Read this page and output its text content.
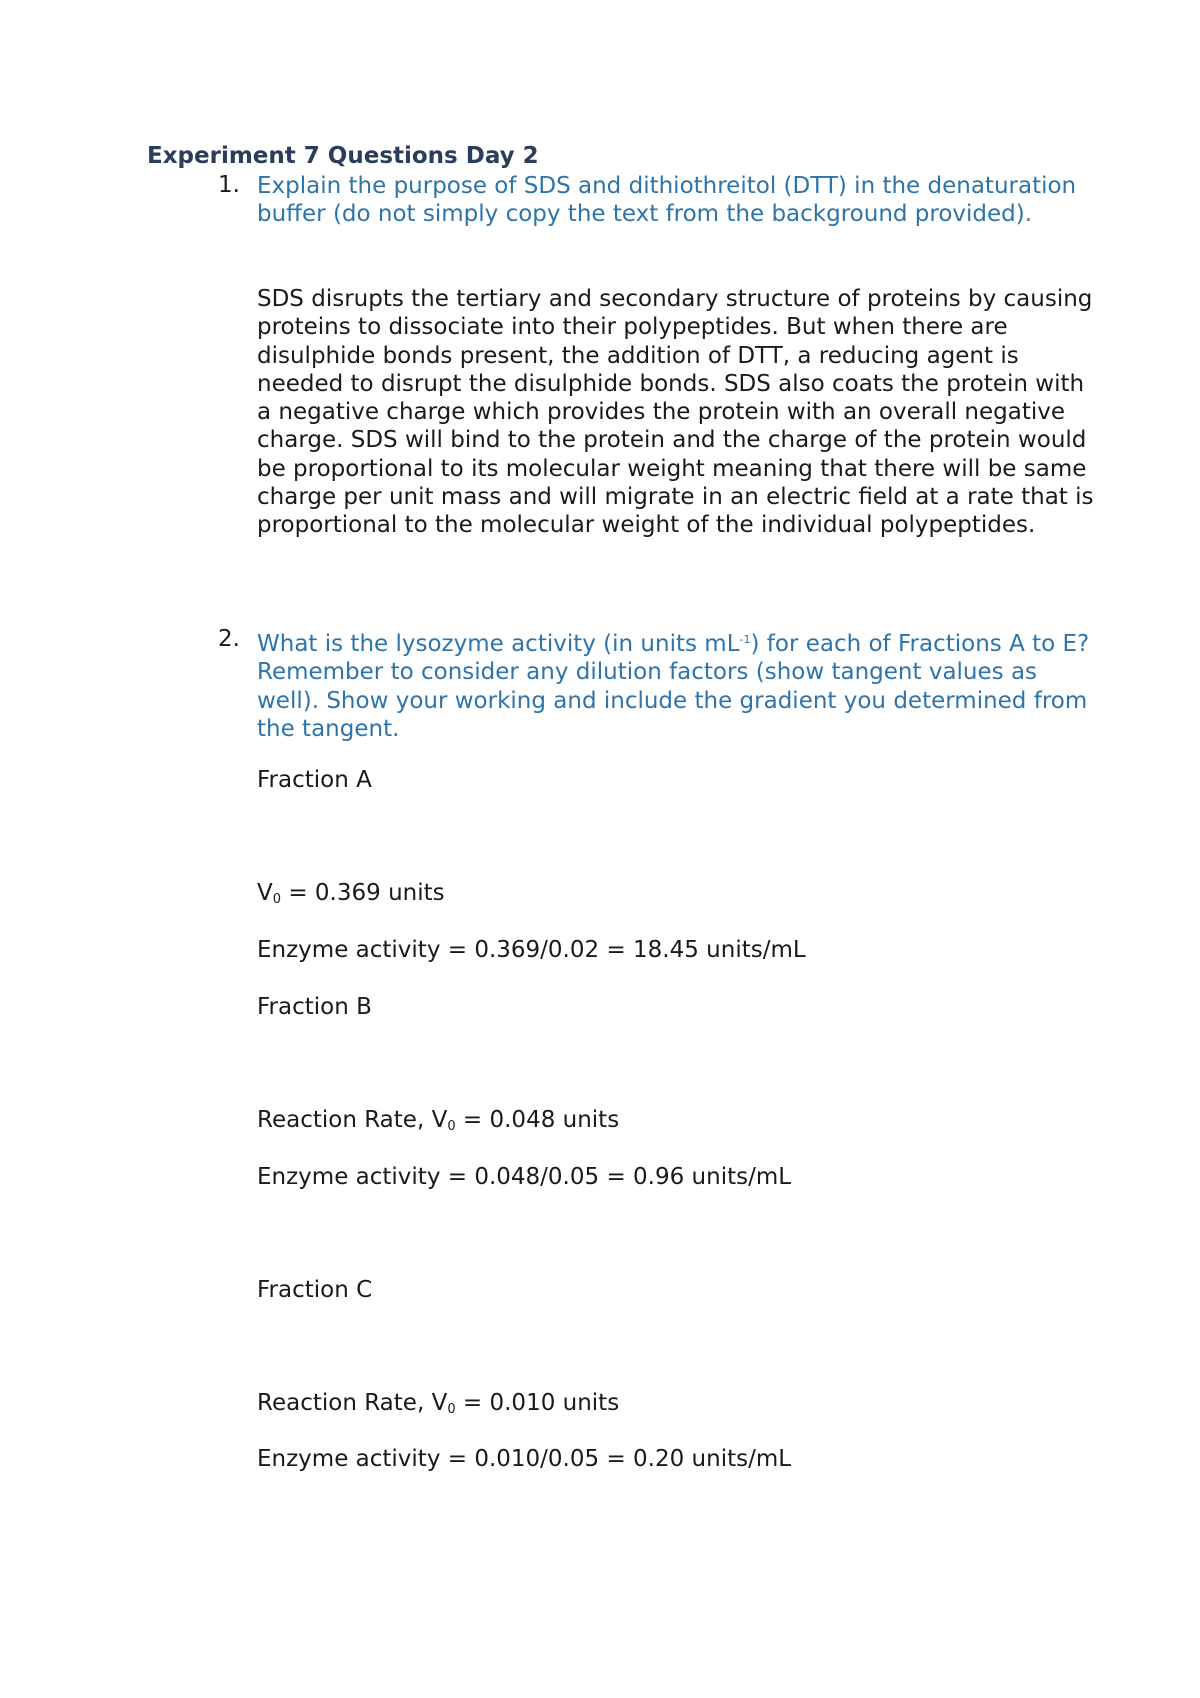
Experiment 7 Questions Day 2
1. Explain the purpose of SDS and dithiothreitol (DTT) in the denaturation buffer (do not simply copy the text from the background provided).
SDS disrupts the tertiary and secondary structure of proteins by causing proteins to dissociate into their polypeptides. But when there are disulphide bonds present, the addition of DTT, a reducing agent is needed to disrupt the disulphide bonds. SDS also coats the protein with a negative charge which provides the protein with an overall negative charge. SDS will bind to the protein and the charge of the protein would be proportional to its molecular weight meaning that there will be same charge per unit mass and will migrate in an electric field at a rate that is proportional to the molecular weight of the individual polypeptides.
2. What is the lysozyme activity (in units $mL^{-1}$) for each of Fractions A to E? Remember to consider any dilution factors (show tangent values as well). Show your working and include the gradient you determined from the tangent.
Fraction A
$V_0 = 0.369$ units
Enzyme activity = 0.369/0.02 = 18.45 units/mL
Fraction B
Reaction Rate, $V_0 = 0.048$ units
Enzyme activity = 0.048/0.05 = 0.96 units/mL
Fraction C
Reaction Rate, $V_0 = 0.010$ units
Enzyme activity = 0.010/0.05 = 0.20 units/mL
